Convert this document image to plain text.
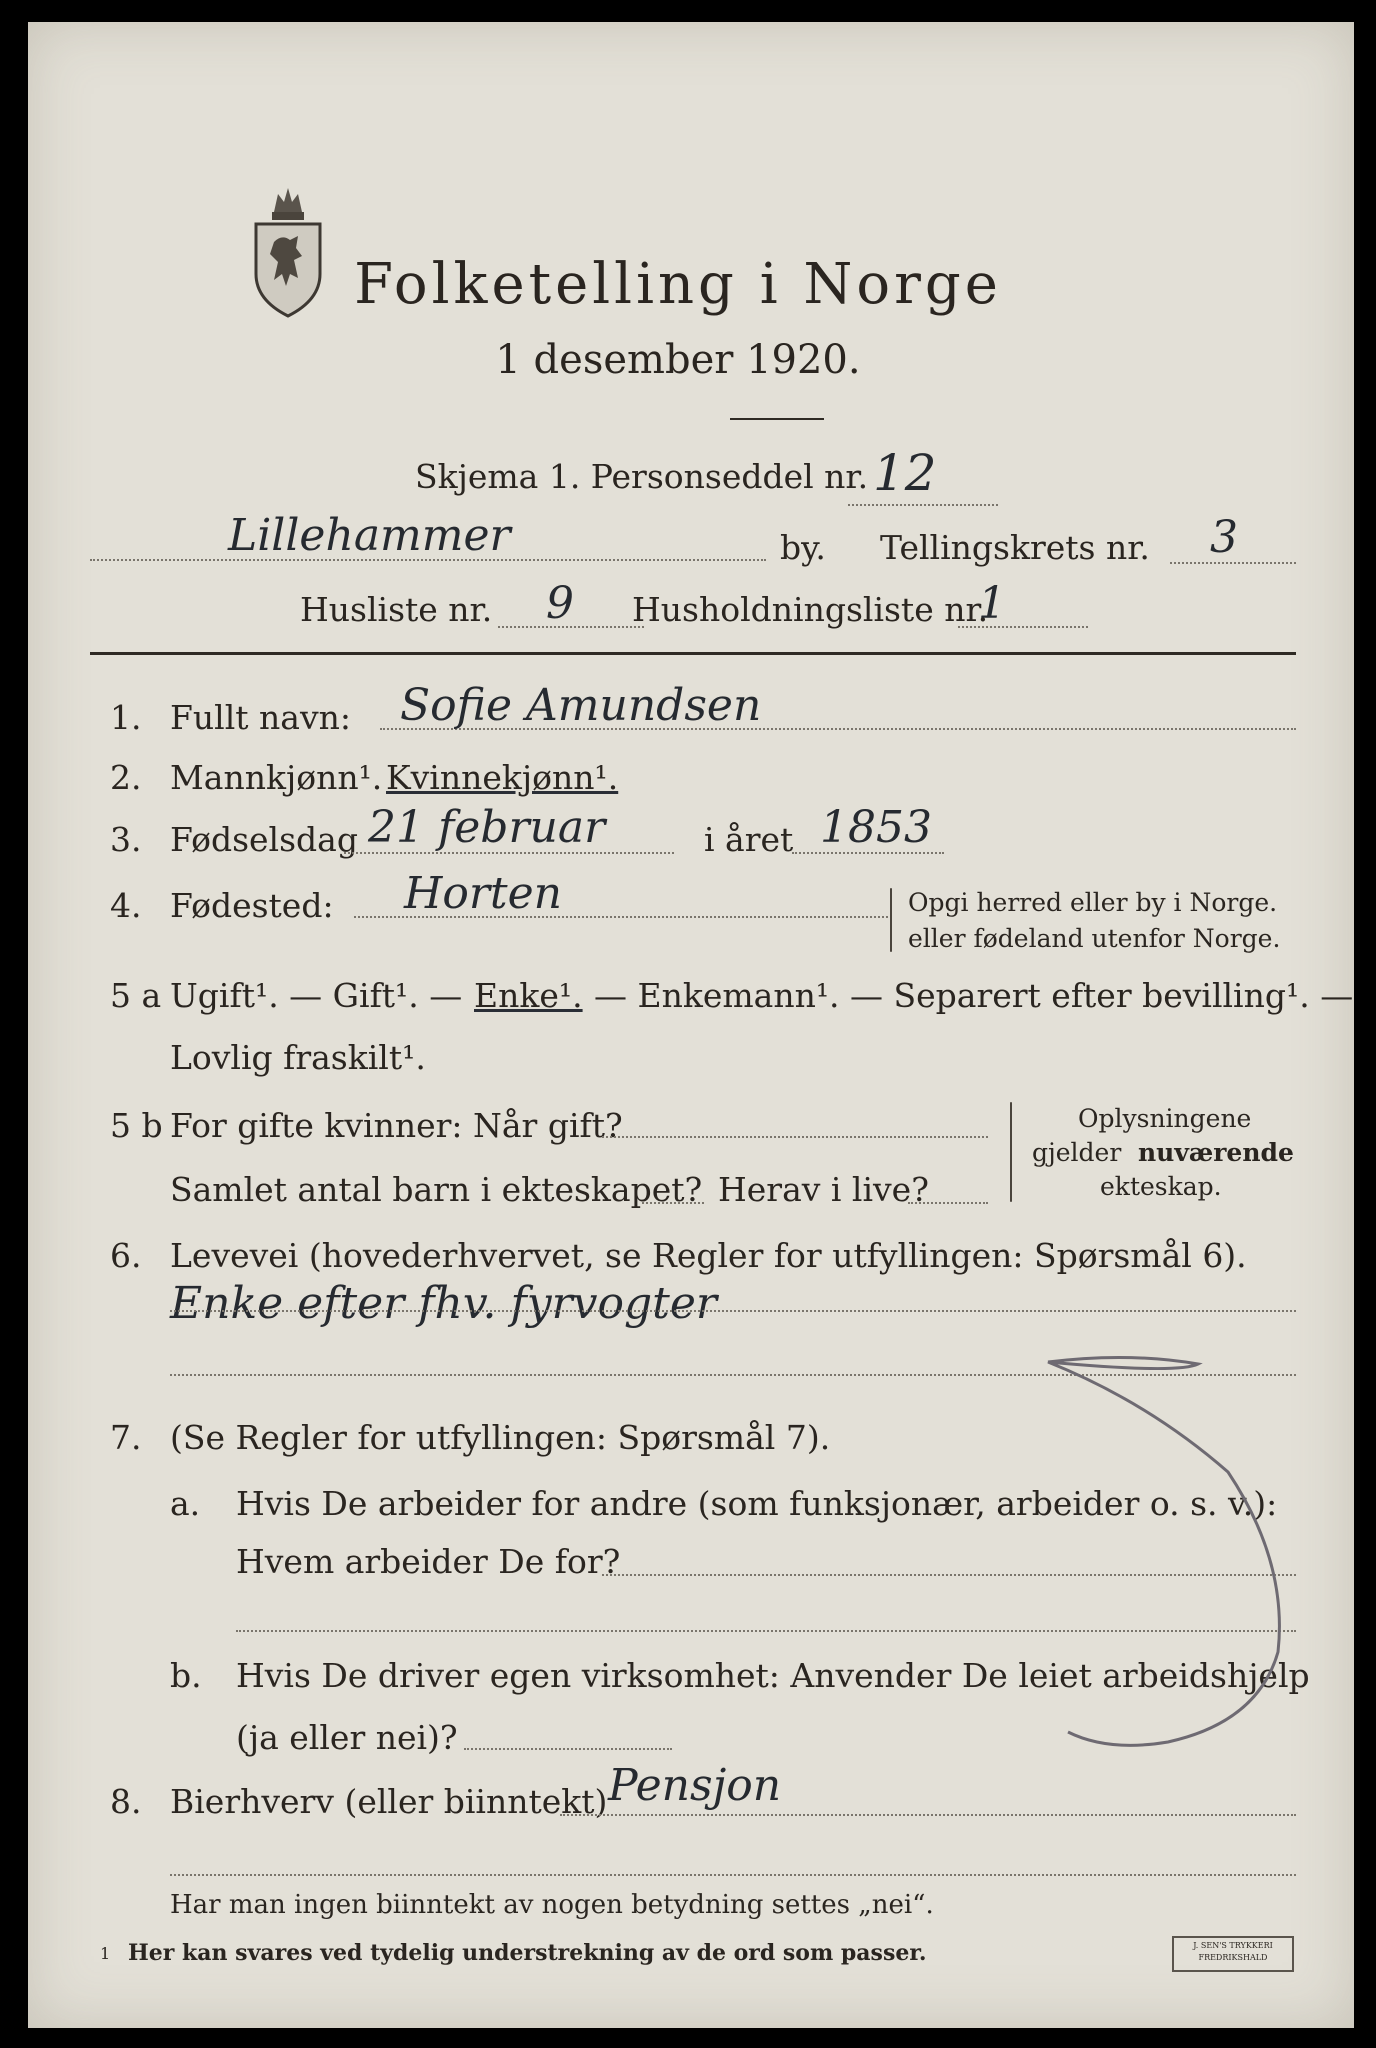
Folketelling i Norge
1 desember 1920.
Skjema 1. Personseddel nr. 12
Lillehammer	by. Tellingskrets nr. 3
Husliste nr. 9 Husholdningsliste nr.
1
1. Fullt navn: Sofie Amundsen
2. Mannkjønn¹. Kvinnekjønn¹.
3. Fødselsdag 21 februar	i året 1853
4. Fødested: Horten	Opgi herred eller by i Norge.
eller fødeland utenfor Norge.
5 a Ugift¹. — Gift¹. — Enke¹. — Enkemann¹. — Separert efter bevilling¹. —
Lovlig fraskilt¹.
5 b For gifte kvinner: Når gift?
Samlet antal barn i ekteskapet? Herav i live?
Oplysningene
gjelder nuværende
ekteskap.
6. Levevei (hovederhvervet, se Regler for utfyllingen: Spørsmål 6).
Enke efter fhv. fyrvogter
7. (Se Regler for utfyllingen: Spørsmål 7).
a. Hvis De arbeider for andre (som funksjonær, arbeider o. s. v.):
Hvem arbeider De for?
b. Hvis De driver egen virksomhet: Anvender De leiet arbeidshjelp
(ja eller nei)?
8. Bierhverv (eller biinntekt) Pensjon
Har man ingen biinntekt av nogen betydning settes „nei“.
1 Her kan svares ved tydelig understrekning av de ord som passer.	J. SEN'S TRYKKERI
FREDRIKSHALD
